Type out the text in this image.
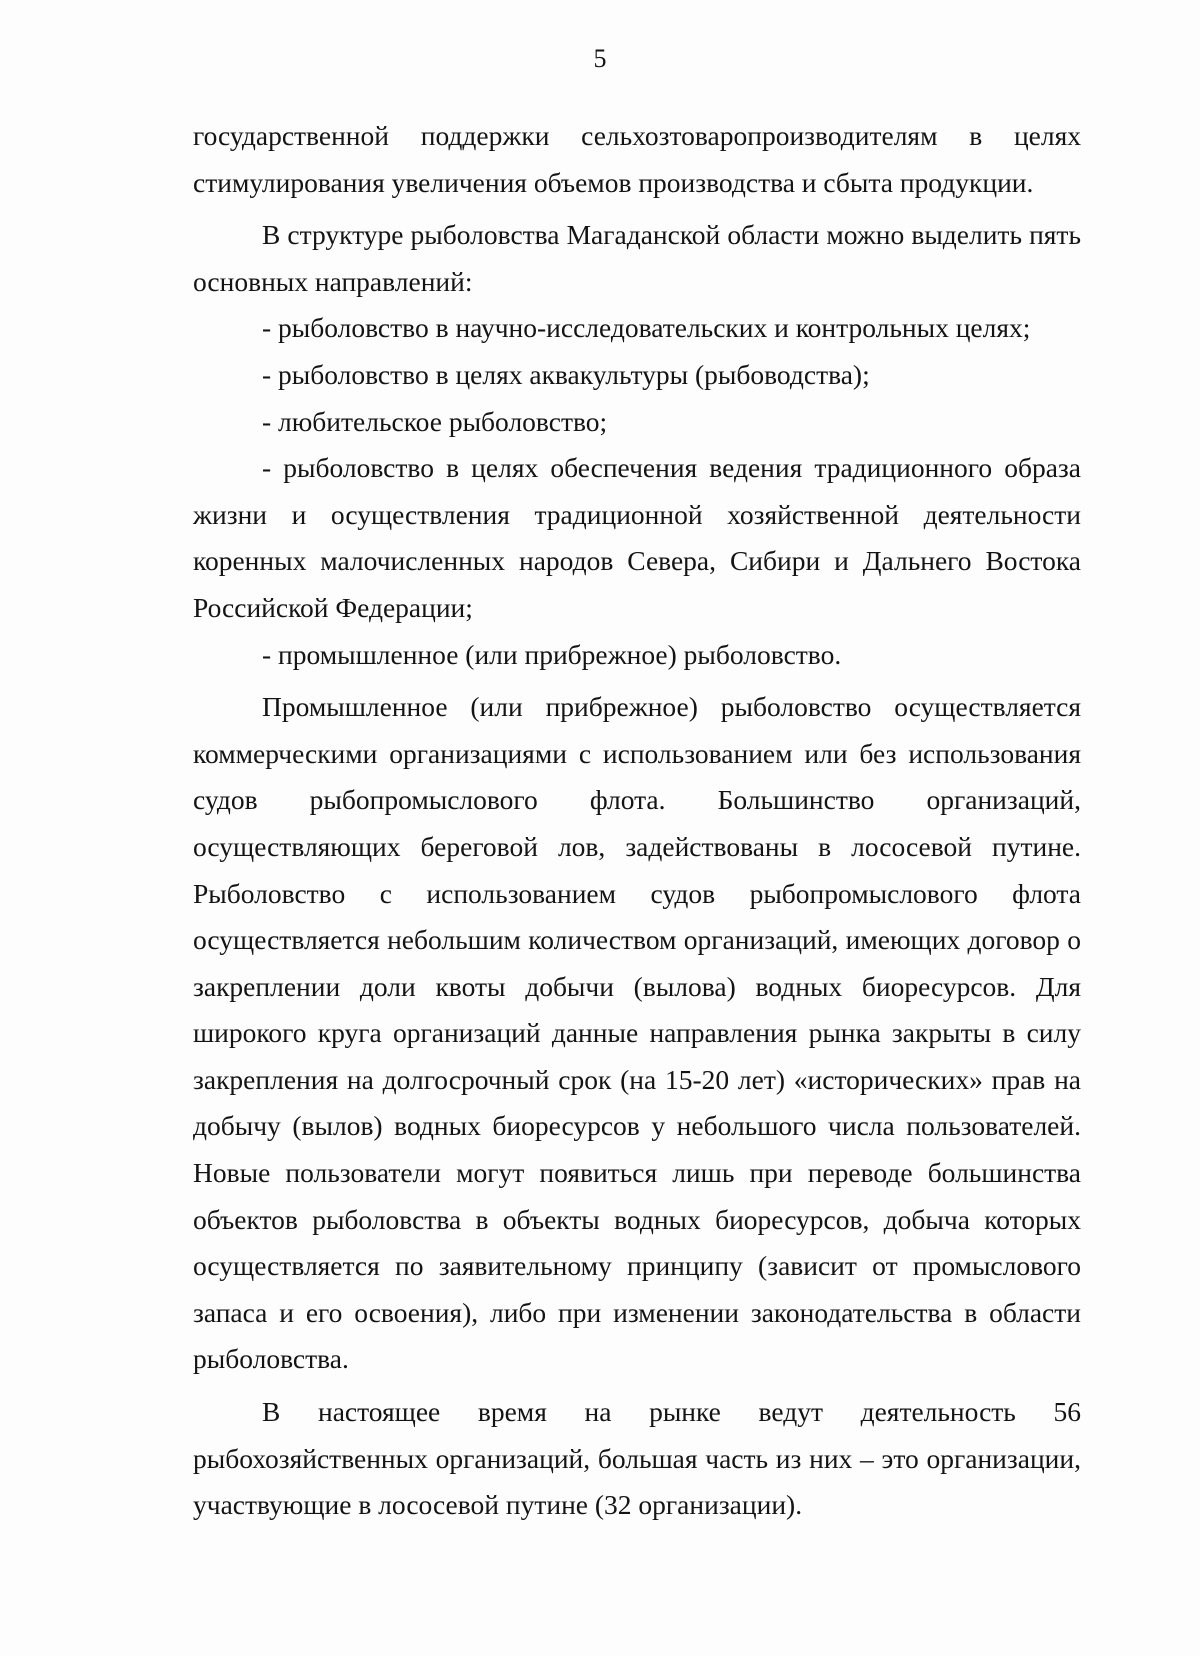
5

государственной поддержки сельхозтоваропроизводителям в целях стимулирования увеличения объемов производства и сбыта продукции.

В структуре рыболовства Магаданской области можно выделить пять основных направлений:

- рыболовство в научно-исследовательских и контрольных целях;

- рыболовство в целях аквакультуры (рыбоводства);

- любительское рыболовство;

- рыболовство в целях обеспечения ведения традиционного образа жизни и осуществления традиционной хозяйственной деятельности коренных малочисленных народов Севера, Сибири и Дальнего Востока Российской Федерации;

- промышленное (или прибрежное) рыболовство.

Промышленное (или прибрежное) рыболовство осуществляется коммерческими организациями с использованием или без использования судов рыбопромыслового флота. Большинство организаций, осуществляющих береговой лов, задействованы в лососевой путине. Рыболовство с использованием судов рыбопромыслового флота осуществляется небольшим количеством организаций, имеющих договор о закреплении доли квоты добычи (вылова) водных биоресурсов. Для широкого круга организаций данные направления рынка закрыты в силу закрепления на долгосрочный срок (на 15-20 лет) «исторических» прав на добычу (вылов) водных биоресурсов у небольшого числа пользователей. Новые пользователи могут появиться лишь при переводе большинства объектов рыболовства в объекты водных биоресурсов, добыча которых осуществляется по заявительному принципу (зависит от промыслового запаса и его освоения), либо при изменении законодательства в области рыболовства.

В настоящее время на рынке ведут деятельность 56 рыбохозяйственных организаций, большая часть из них – это организации, участвующие в лососевой путине (32 организации).
